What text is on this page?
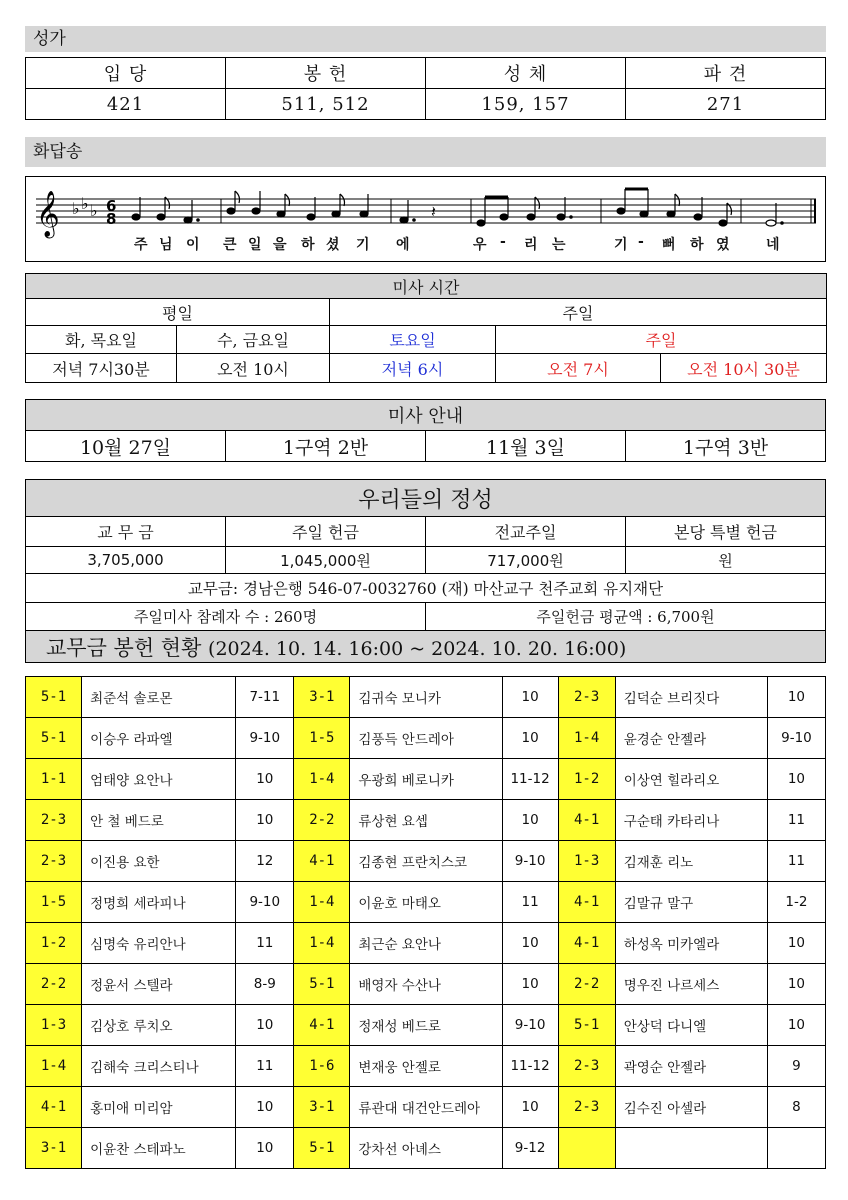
성가
입 당	봉 헌	성 체	파 견
421	511, 512	159, 157	271
화답송
𝄞 ♭ ♭ ♭ 6
8	𝄽
주 님 이 큰 일 을 하 셨 기 에	우 - 리 는	기 - 뻐 하 였	네
미사 시간				
평일		주일		
화, 목요일	수, 금요일	토요일	주일	
저녁 7시30분	오전 10시	저녁 6시	오전 7시	오전 10시 30분
미사 안내
10월 27일	1구역 2반	11월 3일	1구역 3반
우리들의 정성			
교 무 금	주일 헌금	전교주일	본당 특별 헌금
3,705,000	1,045,000원	717,000원	원
교무금: 경남은행 546-07-0032760 (재) 마산교구 천주교회 유지재단			
주일미사 참례자 수 : 260명		주일헌금 평균액 : 6,700원	
교무금 봉헌 현황 (2024. 10. 14. 16:00 ~ 2024. 10. 20. 16:00)			
5-1	최준석 솔로몬	7-11	3-1	김귀숙 모니카	10	2-3	김덕순 브리짓다	10
5-1	이승우 라파엘	9-10	1-5	김풍득 안드레아	10	1-4	윤경순 안젤라	9-10
1-1	엄태양 요안나	10	1-4	우광희 베로니카	11-12	1-2	이상연 힐라리오	10
2-3	안 철 베드로	10	2-2	류상현 요셉	10	4-1	구순태 카타리나	11
2-3	이진용 요한	12	4-1	김종현 프란치스코	9-10	1-3	김재훈 리노	11
1-5	정명희 세라피나	9-10	1-4	이윤호 마태오	11	4-1	김말규 말구	1-2
1-2	심명숙 유리안나	11	1-4	최근순 요안나	10	4-1	하성옥 미카엘라	10
2-2	정윤서 스텔라	8-9	5-1	배영자 수산나	10	2-2	명우진 나르세스	10
1-3	김상호 루치오	10	4-1	정재성 베드로	9-10	5-1	안상덕 다니엘	10
1-4	김해숙 크리스티나	11	1-6	변재웅 안젤로	11-12	2-3	곽영순 안젤라	9
4-1	홍미애 미리암	10	3-1	류관대 대건안드레아	10	2-3	김수진 아셀라	8
3-1	이윤찬 스테파노	10	5-1	강차선 아녜스	9-12			
